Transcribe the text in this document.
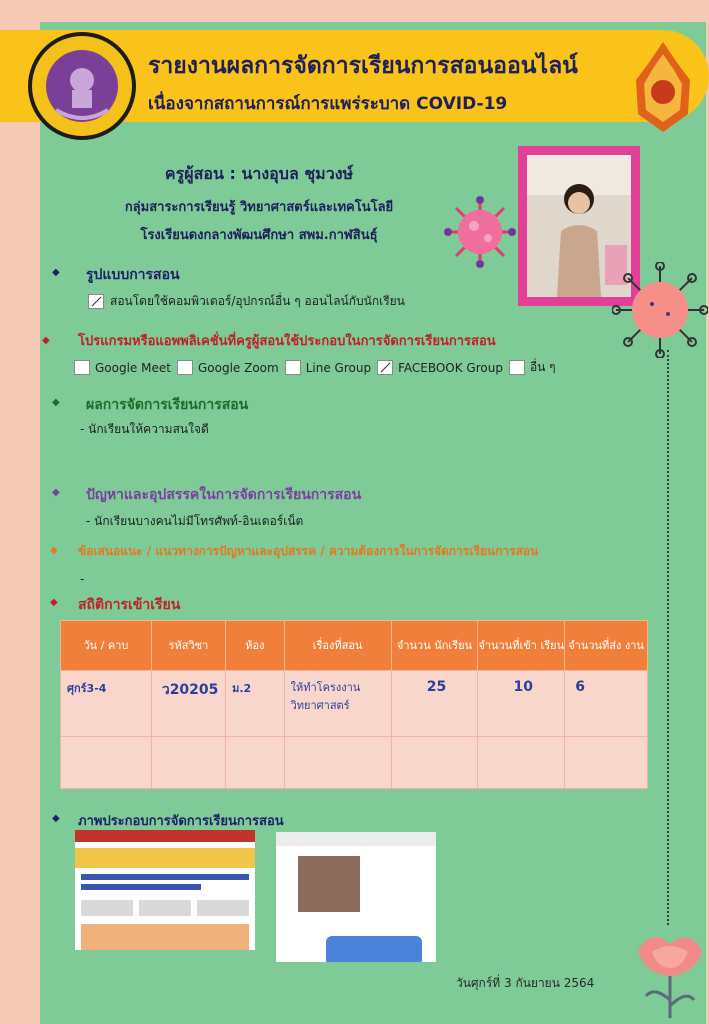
รายงานผลการจัดการเรียนการสอนออนไลน์
เนื่องจากสถานการณ์การแพร่ระบาด COVID-19
ครูผู้สอน : นางอุบล ชุมวงษ์
กลุ่มสาระการเรียนรู้ วิทยาศาสตร์และเทคโนโลยี
โรงเรียนดงกลางพัฒนศึกษา สพม.กาฬสินธุ์
◆ รูปแบบการสอน
สอนโดยใช้คอมพิวเตอร์/อุปกรณ์อื่น ๆ ออนไลน์กับนักเรียน
◆ โปรแกรมหรือแอพพลิเคชั่นที่ครูผู้สอนใช้ประกอบในการจัดการเรียนการสอน
Google Meet Google Zoom Line Group FACEBOOK Group อื่น ๆ
◆ ผลการจัดการเรียนการสอน
- นักเรียนให้ความสนใจดี
◆ ปัญหาและอุปสรรคในการจัดการเรียนการสอน
- นักเรียนบางคนไม่มีโทรศัพท์-อินเตอร์เน็ต
◆ ข้อเสนอแนะ / แนวทางการปัญหาและอุปสรรค / ความต้องการในการจัดการเรียนการสอน
-
◆ สถิติการเข้าเรียน
วัน / คาบ	รหัสวิชา	ห้อง	เรื่องที่สอน	จำนวน นักเรียน	จำนวนที่เข้า เรียน	จำนวนที่ส่ง งาน
ศุกร์3-4	ว20205	ม.2	ให้ทำโครงงาน วิทยาศาสตร์	25	10	6

◆ ภาพประกอบการจัดการเรียนการสอน
วันศุกร์ที่ 3 กันยายน 2564
